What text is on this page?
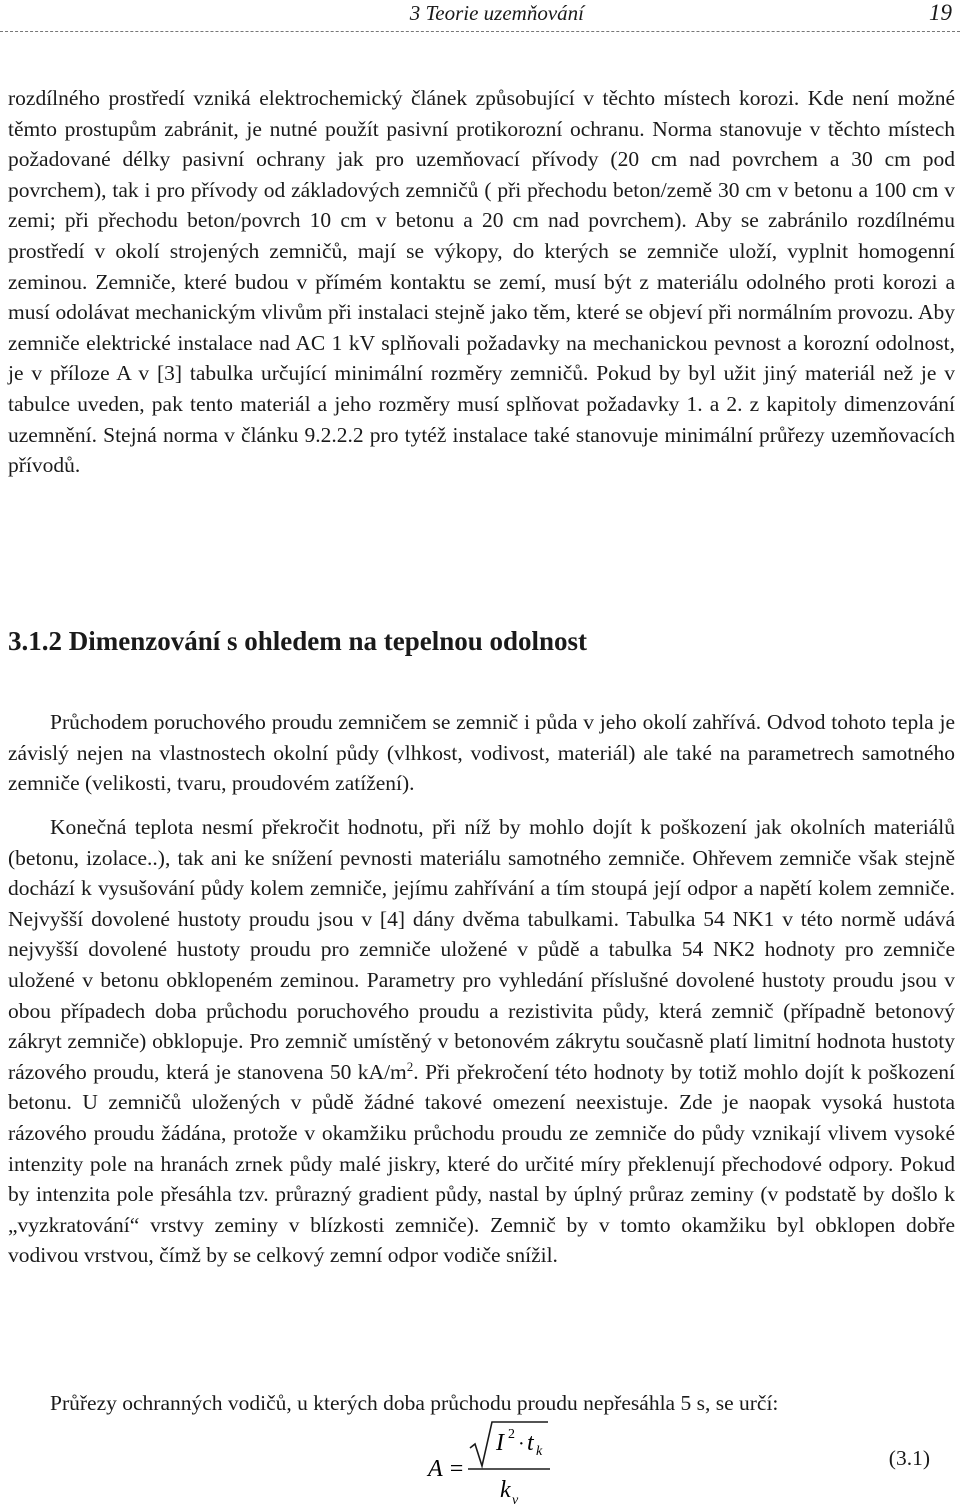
3 Teorie uzemňování	19

rozdílného prostředí vzniká elektrochemický článek způsobující v těchto místech korozi. Kde není možné těmto prostupům zabránit, je nutné použít pasivní protikorozní ochranu. Norma stanovuje v těchto místech požadované délky pasivní ochrany jak pro uzemňovací přívody (20 cm nad povrchem a 30 cm pod povrchem), tak i pro přívody od základových zemničů ( při přechodu beton/země 30 cm v betonu a 100 cm v zemi; při přechodu beton/povrch 10 cm v betonu a 20 cm nad povrchem). Aby se zabránilo rozdílnému prostředí v okolí strojených zemničů, mají se výkopy, do kterých se zemniče uloží, vyplnit homogenní zeminou. Zemniče, které budou v přímém kontaktu se zemí, musí být z materiálu odolného proti korozi a musí odolávat mechanickým vlivům při instalaci stejně jako těm, které se objeví při normálním provozu. Aby zemniče elektrické instalace nad AC 1 kV splňovali požadavky na mechanickou pevnost a korozní odolnost, je v příloze A v [3] tabulka určující minimální rozměry zemničů. Pokud by byl užit jiný materiál než je v tabulce uveden, pak tento materiál a jeho rozměry musí splňovat požadavky 1. a 2. z kapitoly dimenzování uzemnění. Stejná norma v článku 9.2.2.2 pro tytéž instalace také stanovuje minimální průřezy uzemňovacích přívodů.

3.1.2 Dimenzování s ohledem na tepelnou odolnost

Průchodem poruchového proudu zemničem se zemnič i půda v jeho okolí zahřívá. Odvod tohoto tepla je závislý nejen na vlastnostech okolní půdy (vlhkost, vodivost, materiál) ale také na parametrech samotného zemniče (velikosti, tvaru, proudovém zatížení).

Konečná teplota nesmí překročit hodnotu, při níž by mohlo dojít k poškození jak okolních materiálů (betonu, izolace..), tak ani ke snížení pevnosti materiálu samotného zemniče. Ohřevem zemniče však stejně dochází k vysušování půdy kolem zemniče, jejímu zahřívání a tím stoupá její odpor a napětí kolem zemniče. Nejvyšší dovolené hustoty proudu jsou v [4] dány dvěma tabulkami. Tabulka 54 NK1 v této normě udává nejvyšší dovolené hustoty proudu pro zemniče uložené v půdě a tabulka 54 NK2 hodnoty pro zemniče uložené v betonu obklopeném zeminou. Parametry pro vyhledání příslušné dovolené hustoty proudu jsou v obou případech doba průchodu poruchového proudu a rezistivita půdy, která zemnič (případně betonový zákryt zemniče) obklopuje. Pro zemnič umístěný v betonovém zákrytu současně platí limitní hodnota hustoty rázového proudu, která je stanovena 50 $kA/m^2$. Při překročení této hodnoty by totiž mohlo dojít k poškození betonu. U zemničů uložených v půdě žádné takové omezení neexistuje. Zde je naopak vysoká hustota rázového proudu žádána, protože v okamžiku průchodu proudu ze zemniče do půdy vznikají vlivem vysoké intenzity pole na hranách zrnek půdy malé jiskry, které do určité míry překlenují přechodové odpory. Pokud by intenzita pole přesáhla tzv. průrazný gradient půdy, nastal by úplný průraz zeminy (v podstatě by došlo k „vyzkratování“ vrstvy zeminy v blízkosti zemniče). Zemnič by v tomto okamžiku byl obklopen dobře vodivou vrstvou, čímž by se celkový zemní odpor vodiče snížil.

Průřezy ochranných vodičů, u kterých doba průchodu proudu nepřesáhla 5 s, se určí:

A =
I 2 · t k
k v
(3.1)
